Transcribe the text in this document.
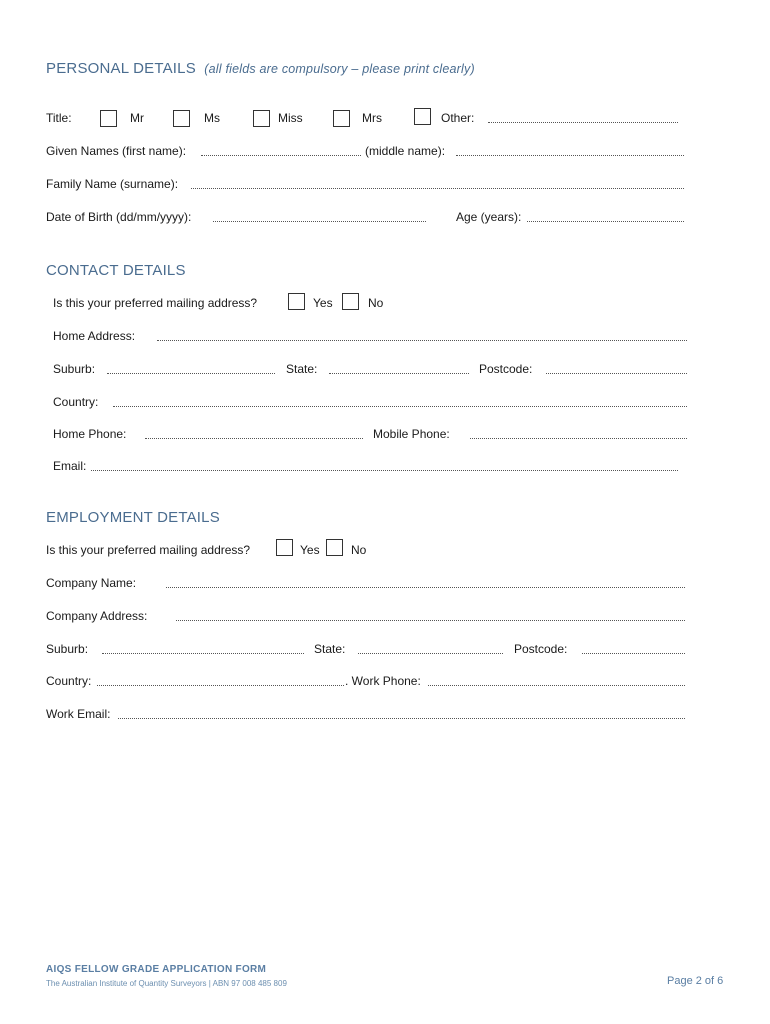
PERSONAL DETAILS (all fields are compulsory – please print clearly)
Title:	Mr	Ms	Miss	Mrs	Other:
Given Names (first name):	(middle name):
Family Name (surname):
Date of Birth (dd/mm/yyyy):	Age (years):
CONTACT DETAILS
Is this your preferred mailing address?	Yes	No
Home Address:
Suburb:	State:	Postcode:
Country:
Home Phone:	Mobile Phone:
Email:
EMPLOYMENT DETAILS
Is this your preferred mailing address?	Yes	No
Company Name:
Company Address:
Suburb:	State:	Postcode:
Country:	. Work Phone:
Work Email:
AIQS FELLOW GRADE APPLICATION FORM
The Australian Institute of Quantity Surveyors | ABN 97 008 485 809	Page 2 of 6
